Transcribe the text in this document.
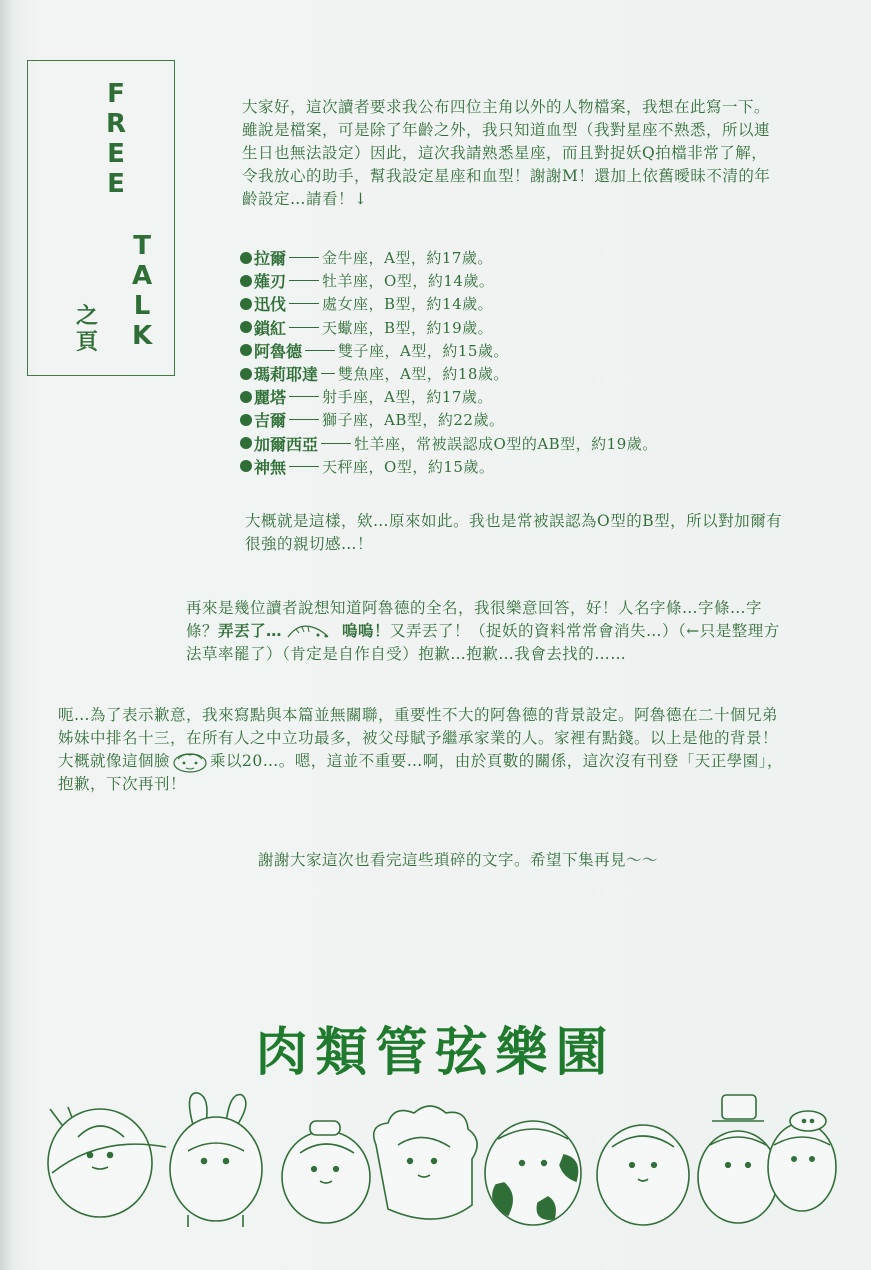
F
R
E
E
T
A
L
K
之
頁

大家好，這次讀者要求我公布四位主角以外的人物檔案，我想在此寫一下。雖說是檔案，可是除了年齡之外，我只知道血型（我對星座不熟悉，所以連生日也無法設定）因此，這次我請熟悉星座，而且對捉妖Q拍檔非常了解，令我放心的助手，幫我設定星座和血型！謝謝M！還加上依舊曖昧不清的年齡設定…請看！↓

拉爾 金牛座，A型，約17歲。
薙刃 牡羊座，O型，約14歲。
迅伐 處女座，B型，約14歲。
鎖紅 天蠍座，B型，約19歲。
阿魯德 雙子座，A型，約15歲。
瑪莉耶達 雙魚座，A型，約18歲。
麗塔 射手座，A型，約17歲。
吉爾 獅子座，AB型，約22歲。
加爾西亞 牡羊座，常被誤認成O型的AB型，約19歲。
神無 天秤座，O型，約15歲。

大概就是這樣，欸…原來如此。我也是常被誤認為O型的B型，所以對加爾有很強的親切感…！

再來是幾位讀者說想知道阿魯德的全名，我很樂意回答，好！人名字條…字條…字條？弄丟了…	嗚嗚！又弄丟了！（捉妖的資料常常會消失…）（←只是整理方法草率罷了）（肯定是自作自受）抱歉…抱歉…我會去找的……

呃…為了表示歉意，我來寫點與本篇並無關聯，重要性不大的阿魯德的背景設定。阿魯德在二十個兄弟姊妹中排名十三，在所有人之中立功最多，被父母賦予繼承家業的人。家裡有點錢。以上是他的背景！大概就像這個臉	乘以20…。嗯，這並不重要…啊，由於頁數的關係，這次沒有刊登「天正學園」，抱歉，下次再刊！

謝謝大家這次也看完這些瑣碎的文字。希望下集再見～～

肉類管弦樂園
